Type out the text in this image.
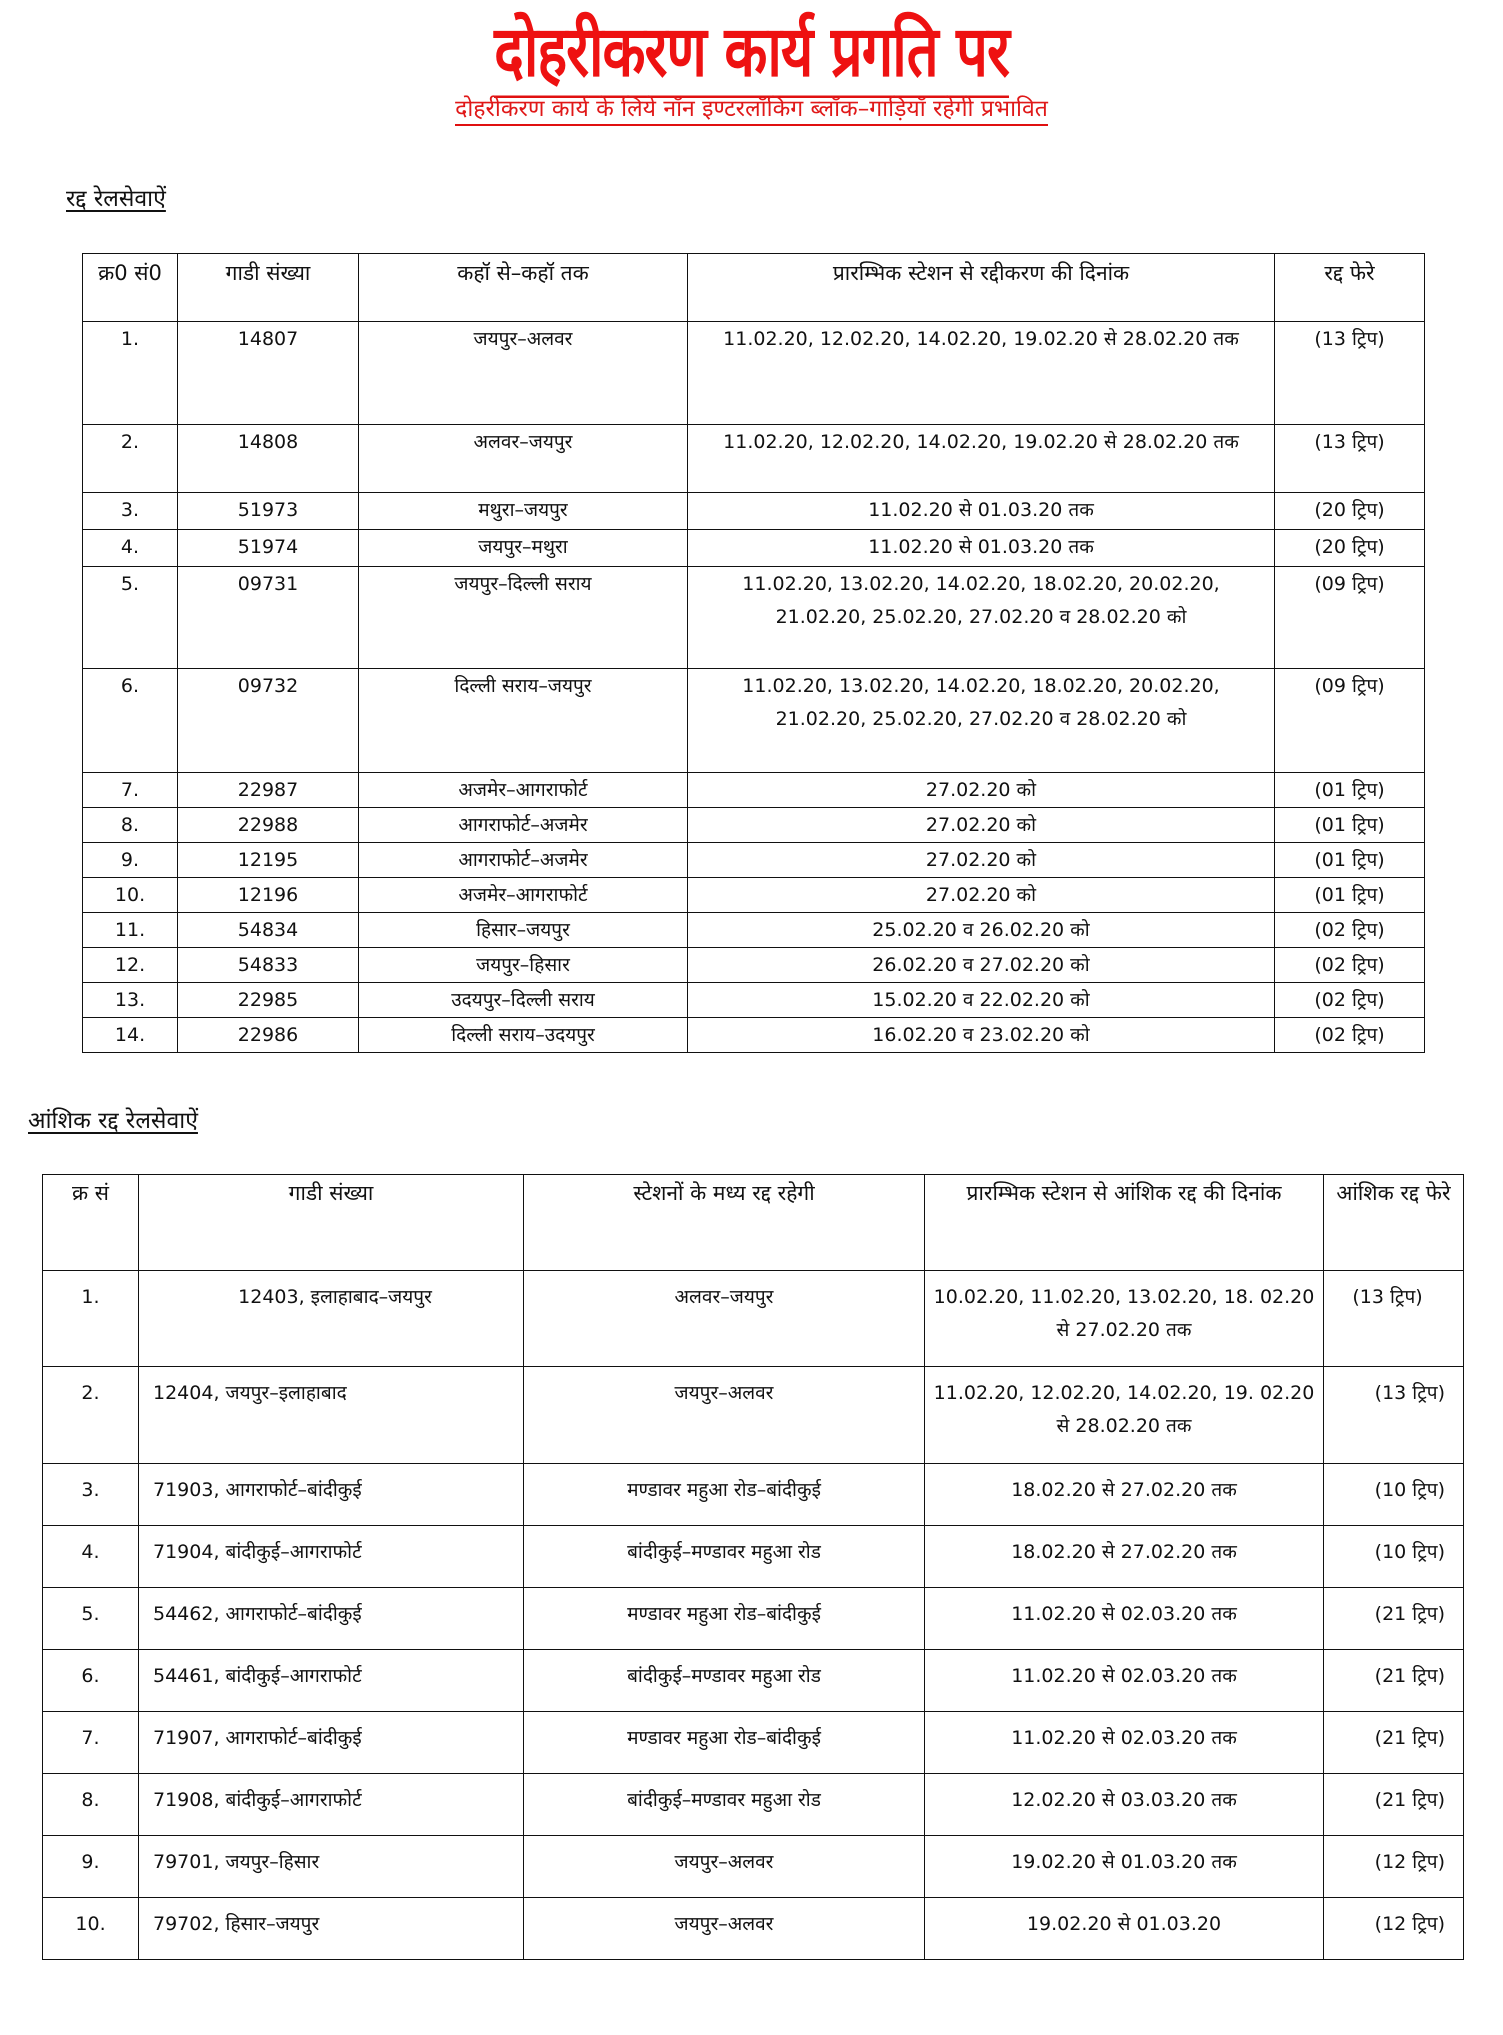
दोहरीकरण कार्य प्रगति पर
दोहरीकरण कार्य के लिये नॉन इण्टरलॉकिग ब्लॉक–गाड़ियॉ रहेगी प्रभावित
रद्द रेलसेवाऐं
क्र0 सं0	गाडी संख्या	कहॉ से–कहॉ तक	प्रारम्भिक स्टेशन से रद्दीकरण की दिनांक	रद्द फेरे
1.	14807	जयपुर–अलवर	11.02.20, 12.02.20, 14.02.20, 19.02.20 से 28.02.20 तक	(13 ट्रिप)
2.	14808	अलवर–जयपुर	11.02.20, 12.02.20, 14.02.20, 19.02.20 से 28.02.20 तक	(13 ट्रिप)
3.	51973	मथुरा–जयपुर	11.02.20 से 01.03.20 तक	(20 ट्रिप)
4.	51974	जयपुर–मथुरा	11.02.20 से 01.03.20 तक	(20 ट्रिप)
5.	09731	जयपुर–दिल्ली सराय	11.02.20, 13.02.20, 14.02.20, 18.02.20, 20.02.20, 21.02.20, 25.02.20, 27.02.20 व 28.02.20 को	(09 ट्रिप)
6.	09732	दिल्ली सराय–जयपुर	11.02.20, 13.02.20, 14.02.20, 18.02.20, 20.02.20, 21.02.20, 25.02.20, 27.02.20 व 28.02.20 को	(09 ट्रिप)
7.	22987	अजमेर–आगराफोर्ट	27.02.20 को	(01 ट्रिप)
8.	22988	आगराफोर्ट–अजमेर	27.02.20 को	(01 ट्रिप)
9.	12195	आगराफोर्ट–अजमेर	27.02.20 को	(01 ट्रिप)
10.	12196	अजमेर–आगराफोर्ट	27.02.20 को	(01 ट्रिप)
11.	54834	हिसार–जयपुर	25.02.20 व 26.02.20 को	(02 ट्रिप)
12.	54833	जयपुर–हिसार	26.02.20 व 27.02.20 को	(02 ट्रिप)
13.	22985	उदयपुर–दिल्ली सराय	15.02.20 व 22.02.20 को	(02 ट्रिप)
14.	22986	दिल्ली सराय–उदयपुर	16.02.20 व 23.02.20 को	(02 ट्रिप)
आंशिक रद्द रेलसेवाऐं
क्र सं	गाडी संख्या	स्टेशनों के मध्य रद्द रहेगी	प्रारम्भिक स्टेशन से आंशिक रद्द की दिनांक	आंशिक रद्द फेरे
1.	12403, इलाहाबाद–जयपुर	अलवर–जयपुर	10.02.20, 11.02.20, 13.02.20, 18. 02.20 से 27.02.20 तक	(13 ट्रिप)
2.	12404, जयपुर–इलाहाबाद	जयपुर–अलवर	11.02.20, 12.02.20, 14.02.20, 19. 02.20 से 28.02.20 तक	(13 ट्रिप)
3.	71903, आगराफोर्ट–बांदीकुई	मण्डावर महुआ रोड–बांदीकुई	18.02.20 से 27.02.20 तक	(10 ट्रिप)
4.	71904, बांदीकुई–आगराफोर्ट	बांदीकुई–मण्डावर महुआ रोड	18.02.20 से 27.02.20 तक	(10 ट्रिप)
5.	54462, आगराफोर्ट–बांदीकुई	मण्डावर महुआ रोड–बांदीकुई	11.02.20 से 02.03.20 तक	(21 ट्रिप)
6.	54461, बांदीकुई–आगराफोर्ट	बांदीकुई–मण्डावर महुआ रोड	11.02.20 से 02.03.20 तक	(21 ट्रिप)
7.	71907, आगराफोर्ट–बांदीकुई	मण्डावर महुआ रोड–बांदीकुई	11.02.20 से 02.03.20 तक	(21 ट्रिप)
8.	71908, बांदीकुई–आगराफोर्ट	बांदीकुई–मण्डावर महुआ रोड	12.02.20 से 03.03.20 तक	(21 ट्रिप)
9.	79701, जयपुर–हिसार	जयपुर–अलवर	19.02.20 से 01.03.20 तक	(12 ट्रिप)
10.	79702, हिसार–जयपुर	जयपुर–अलवर	19.02.20 से 01.03.20	(12 ट्रिप)
